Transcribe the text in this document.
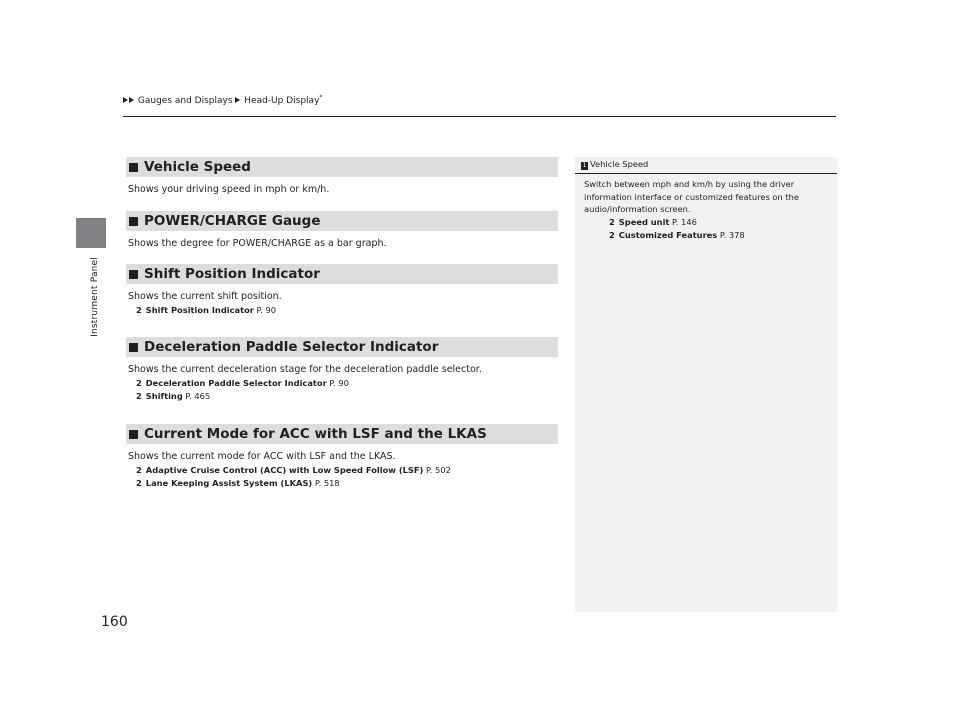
Instrument Panel
Gauges and Displays Head-Up Display*
Vehicle Speed
Shows your driving speed in mph or km/h.
POWER/CHARGE Gauge
Shows the degree for POWER/CHARGE as a bar graph.
Shift Position Indicator
Shows the current shift position.
2 Shift Position Indicator P. 90
Deceleration Paddle Selector Indicator
Shows the current deceleration stage for the deceleration paddle selector.
2 Deceleration Paddle Selector Indicator P. 90
2 Shifting P. 465
Current Mode for ACC with LSF and the LKAS
Shows the current mode for ACC with LSF and the LKAS.
2 Adaptive Cruise Control (ACC) with Low Speed Follow (LSF) P. 502
2 Lane Keeping Assist System (LKAS) P. 518
1 Vehicle Speed
Switch between mph and km/h by using the driver information interface or customized features on the audio/information screen.
2 Speed unit P. 146
2 Customized Features P. 378
160
